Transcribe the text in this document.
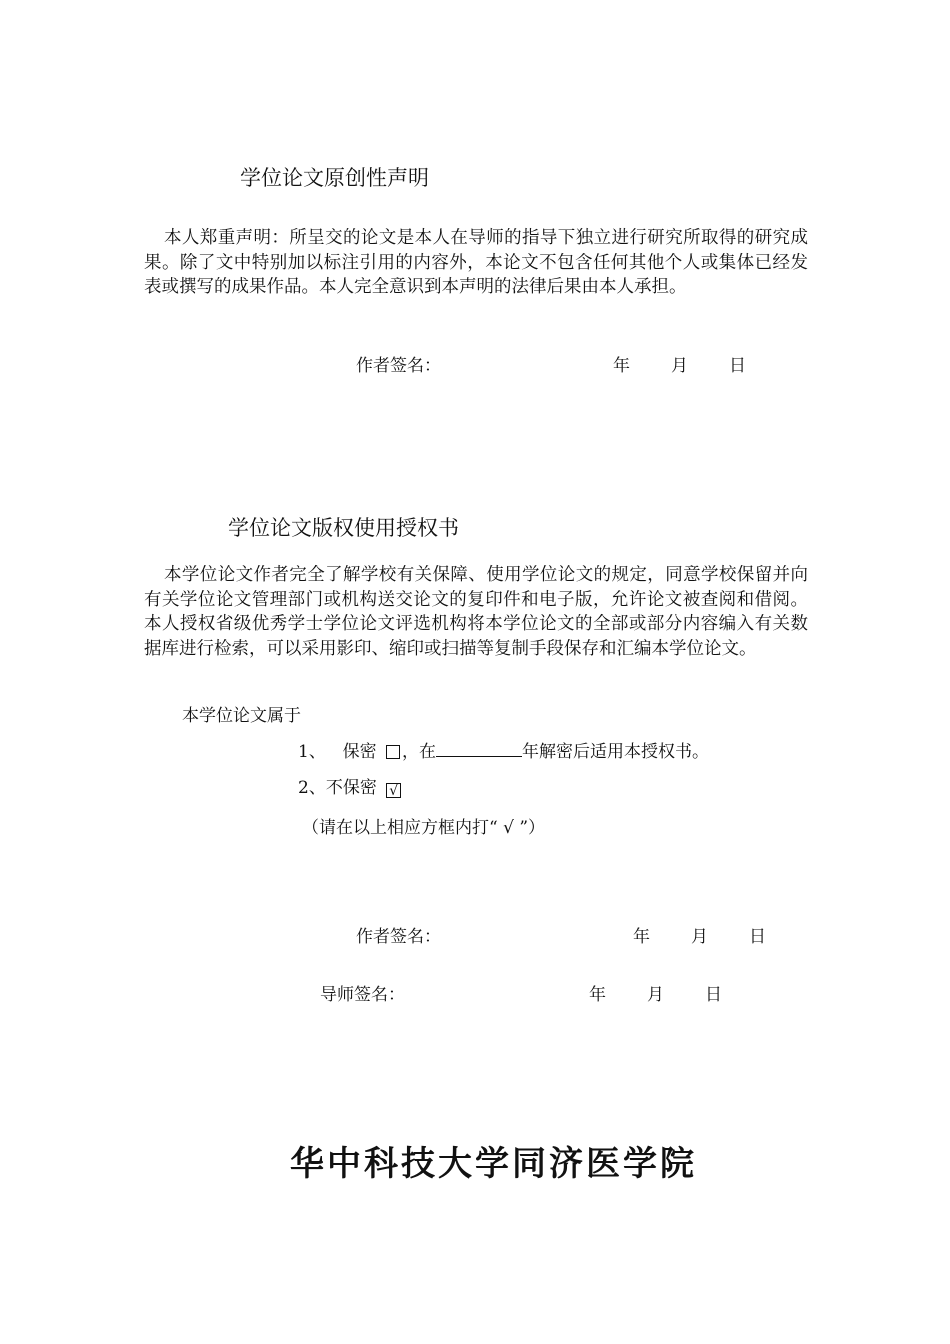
学位论文原创性声明
本人郑重声明：所呈交的论文是本人在导师的指导下独立进行研究所取得的研究成果。除了文中特别加以标注引用的内容外，本论文不包含任何其他个人或集体已经发表或撰写的成果作品。本人完全意识到本声明的法律后果由本人承担。
作者签名：	年 月 日
学位论文版权使用授权书
本学位论文作者完全了解学校有关保障、使用学位论文的规定，同意学校保留并向有关学位论文管理部门或机构送交论文的复印件和电子版，允许论文被查阅和借阅。本人授权省级优秀学士学位论文评选机构将本学位论文的全部或部分内容编入有关数据库进行检索，可以采用影印、缩印或扫描等复制手段保存和汇编本学位论文。
本学位论文属于
1、 保密 ，在	年解密后适用本授权书。
2、不保密 √
（请在以上相应方框内打“ √ ”）
作者签名：	年 月 日
导师签名：	年 月 日
华中科技大学同济医学院
